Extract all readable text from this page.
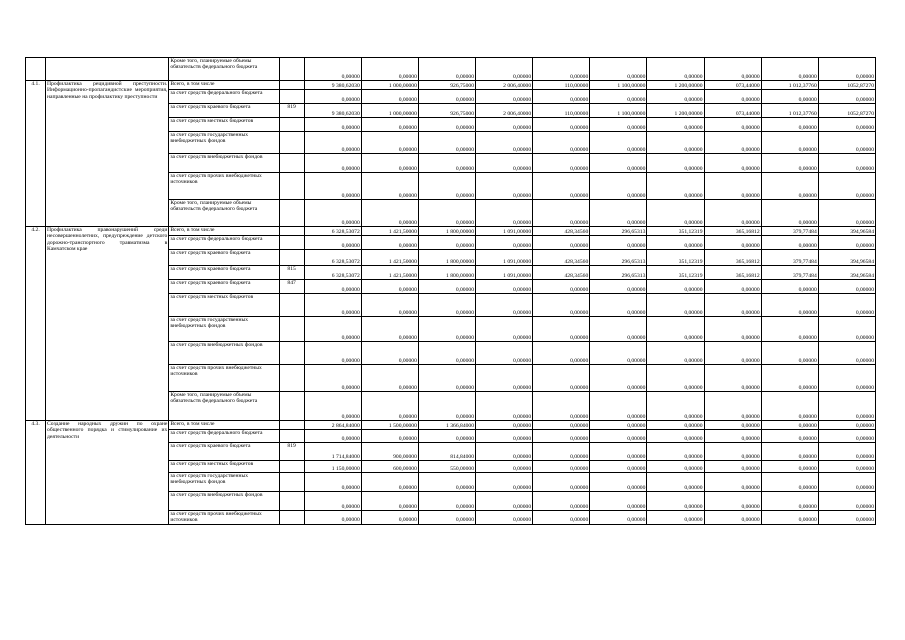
		Кроме того, планируемые объемы обязательств федерального бюджета		0,00000	0,00000	0,00000	0,00000	0,00000	0,00000	0,00000	0,00000	0,00000	0,00000
4.1.	Профилактика рецидивной преступности. Информационно-пропагандистские мероприятия, направленные на профилактику преступности	Всего, в том числе		9 380,62030	1 000,00000	926,75000	2 006,40000	110,00000	1 100,00000	1 200,00000	073,44000	1 012,37760	1052,87270
		за счет средств федерального бюджета		0,00000	0,00000	0,00000	0,00000	0,00000	0,00000	0,00000	0,00000	0,00000	0,00000
		за счет средств краевого бюджета	819	9 380,62030	1 000,00000	926,75000	2 006,40000	110,00000	1 100,00000	1 200,00000	073,44000	1 012,37760	1052,87270
		за счет средств местных бюджетов		0,00000	0,00000	0,00000	0,00000	0,00000	0,00000	0,00000	0,00000	0,00000	0,00000
		за счет средств государственных внебюджетных фондов		0,00000	0,00000	0,00000	0,00000	0,00000	0,00000	0,00000	0,00000	0,00000	0,00000
		за счет средств внебюджетных фондов		0,00000	0,00000	0,00000	0,00000	0,00000	0,00000	0,00000	0,00000	0,00000	0,00000
		за счет средств прочих внебюджетных источников		0,00000	0,00000	0,00000	0,00000	0,00000	0,00000	0,00000	0,00000	0,00000	0,00000
		Кроме того, планируемые объемы обязательств федерального бюджета		0,00000	0,00000	0,00000	0,00000	0,00000	0,00000	0,00000	0,00000	0,00000	0,00000
4.2.	Профилактика правонарушений среди несовершеннолетних, предупреждение детского дорожно-транспортного травматизма в Камчатском крае	Всего, в том числе		6 328,53072	1 421,50000	1 800,00000	1 091,00000	428,34560	296,65313	351,12319	365,16812	379,77484	394,96584
		за счет средств федерального бюджета		0,00000	0,00000	0,00000	0,00000	0,00000	0,00000	0,00000	0,00000	0,00000	0,00000
		за счет средств краевого бюджета		6 328,53072	1 421,50000	1 800,00000	1 091,00000	428,34560	296,65313	351,12319	365,16812	379,77484	394,96584
		за счет средств краевого бюджета	815	6 328,53072	1 421,50000	1 800,00000	1 091,00000	428,34560	296,65313	351,12319	365,16812	379,77484	394,96584
		за счет средств краевого бюджета	847	0,00000	0,00000	0,00000	0,00000	0,00000	0,00000	0,00000	0,00000	0,00000	0,00000
		за счет средств местных бюджетов		0,00000	0,00000	0,00000	0,00000	0,00000	0,00000	0,00000	0,00000	0,00000	0,00000
		за счет средств государственных внебюджетных фондов		0,00000	0,00000	0,00000	0,00000	0,00000	0,00000	0,00000	0,00000	0,00000	0,00000
		за счет средств внебюджетных фондов		0,00000	0,00000	0,00000	0,00000	0,00000	0,00000	0,00000	0,00000	0,00000	0,00000
		за счет средств прочих внебюджетных источников		0,00000	0,00000	0,00000	0,00000	0,00000	0,00000	0,00000	0,00000	0,00000	0,00000
		Кроме того, планируемые объемы обязательств федерального бюджета		0,00000	0,00000	0,00000	0,00000	0,00000	0,00000	0,00000	0,00000	0,00000	0,00000
4.3.	Создание народных дружин по охране общественного порядка и стимулирование их деятельности	Всего, в том числе		2 864,84000	1 500,00000	1 366,84000	0,00000	0,00000	0,00000	0,00000	0,00000	0,00000	0,00000
		за счет средств федерального бюджета		0,00000	0,00000	0,00000	0,00000	0,00000	0,00000	0,00000	0,00000	0,00000	0,00000
		за счет средств краевого бюджета	819	1 714,84000	900,00000	814,84000	0,00000	0,00000	0,00000	0,00000	0,00000	0,00000	0,00000
		за счет средств местных бюджетов		1 150,00000	600,00000	550,00000	0,00000	0,00000	0,00000	0,00000	0,00000	0,00000	0,00000
		за счет средств государственных внебюджетных фондов		0,00000	0,00000	0,00000	0,00000	0,00000	0,00000	0,00000	0,00000	0,00000	0,00000
		за счет средств внебюджетных фондов		0,00000	0,00000	0,00000	0,00000	0,00000	0,00000	0,00000	0,00000	0,00000	0,00000
		за счет средств прочих внебюджетных источников		0,00000	0,00000	0,00000	0,00000	0,00000	0,00000	0,00000	0,00000	0,00000	0,00000
